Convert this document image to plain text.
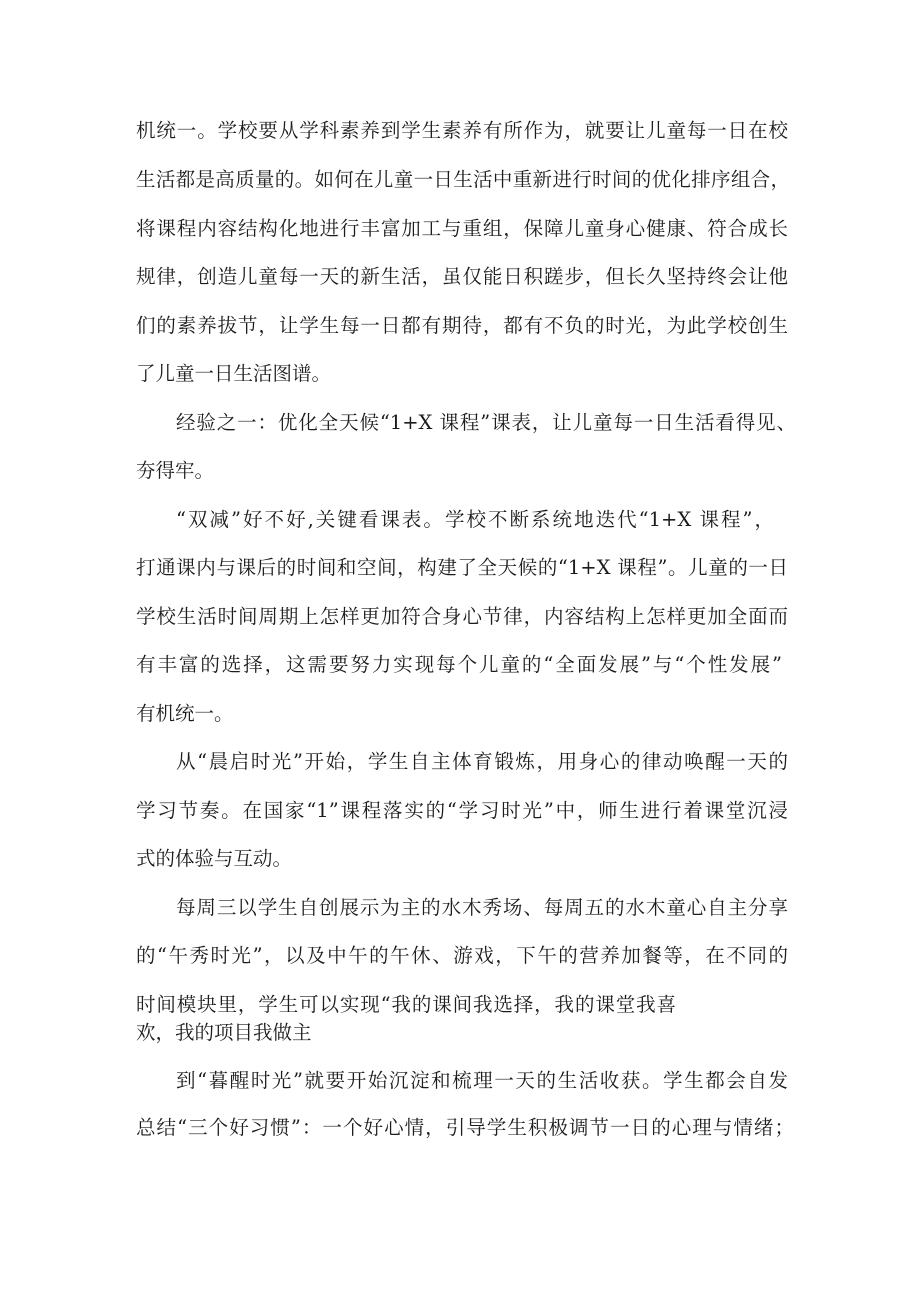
机统一。学校要从学科素养到学生素养有所作为，就要让儿童每一日在校

生活都是高质量的。如何在儿童一日生活中重新进行时间的优化排序组合，

将课程内容结构化地进行丰富加工与重组，保障儿童身心健康、符合成长

规律，创造儿童每一天的新生活，虽仅能日积蹉步，但长久坚持终会让他

们的素养拔节，让学生每一日都有期待，都有不负的时光，为此学校创生

了儿童一日生活图谱。

经验之一：优化全天候“1+X 课程”课表，让儿童每一日生活看得见、

夯得牢。

“双减”好不好,关键看课表。学校不断系统地迭代“1+X 课程”，

打通课内与课后的时间和空间，构建了全天候的“1+X 课程”。儿童的一日

学校生活时间周期上怎样更加符合身心节律，内容结构上怎样更加全面而

有丰富的选择，这需要努力实现每个儿童的“全面发展”与“个性发展”

有机统一。

从“晨启时光”开始，学生自主体育锻炼，用身心的律动唤醒一天的

学习节奏。在国家“1”课程落实的“学习时光”中，师生进行着课堂沉浸

式的体验与互动。

每周三以学生自创展示为主的水木秀场、每周五的水木童心自主分享

的“午秀时光”，以及中午的午休、游戏，下午的营养加餐等，在不同的

时间模块里，学生可以实现“我的课间我选择，我的课堂我喜

欢，我的项目我做主

到“暮醒时光”就要开始沉淀和梳理一天的生活收获。学生都会自发

总结“三个好习惯”：一个好心情，引导学生积极调节一日的心理与情绪；
